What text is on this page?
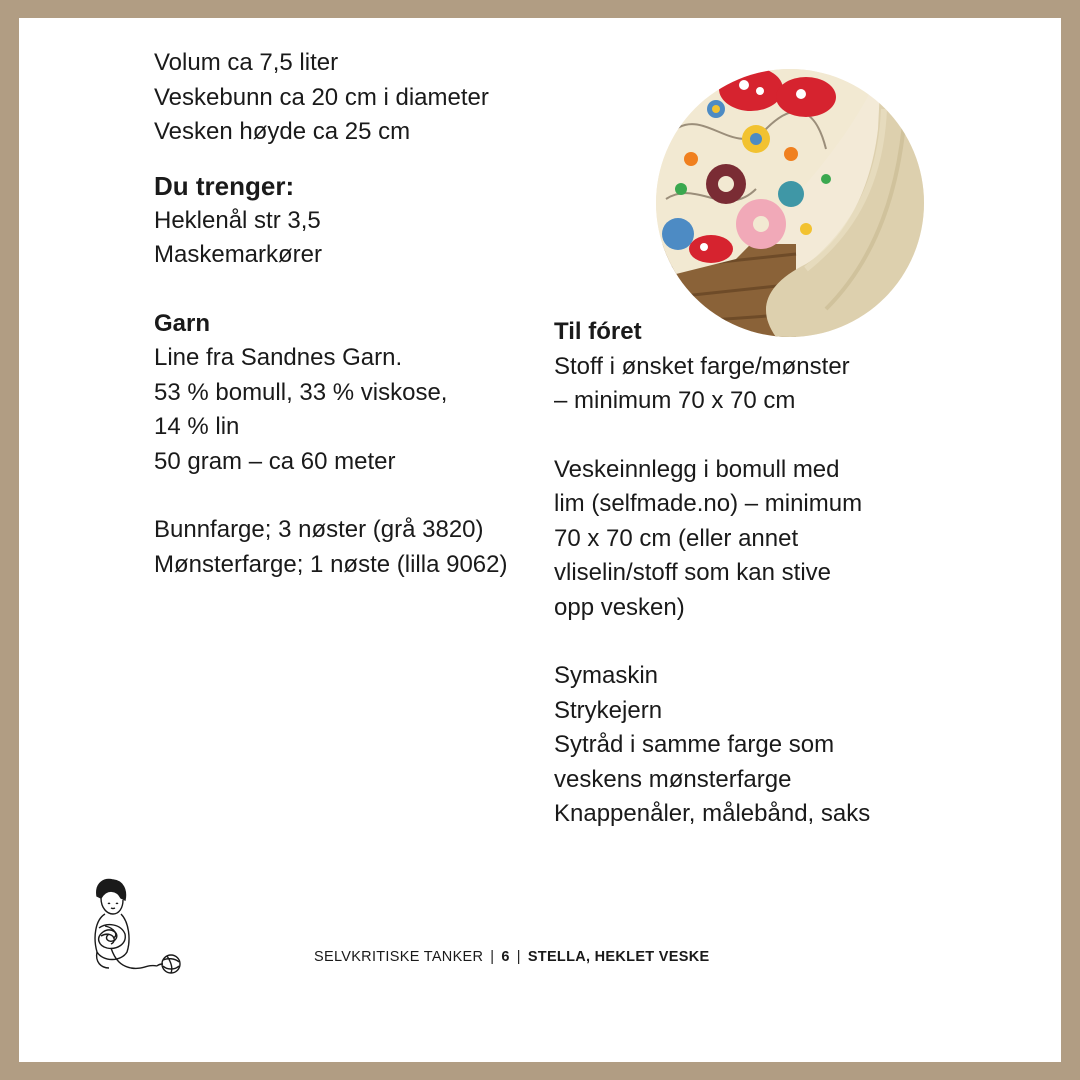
Volum ca 7,5 liter
Veskebunn ca 20 cm i diameter
Vesken høyde ca 25 cm
Du trenger:
Heklenål str 3,5
Maskemarkører
Garn
Line fra Sandnes Garn.
53 % bomull, 33 % viskose,
14 % lin
50 gram – ca 60 meter
Bunnfarge; 3 nøster (grå 3820)
Mønsterfarge; 1 nøste (lilla 9062)
Til fóret
Stoff i ønsket farge/mønster
– minimum 70 x 70 cm
Veskeinnlegg i bomull med
lim (selfmade.no) – minimum
70 x 70 cm (eller annet
vliselin/stoff som kan stive
opp vesken)
Symaskin
Strykejern
Sytråd i samme farge som
veskens mønsterfarge
Knappenåler, målebånd, saks
SELVKRITISKE TANKER | 6 | STELLA, HEKLET VESKE
